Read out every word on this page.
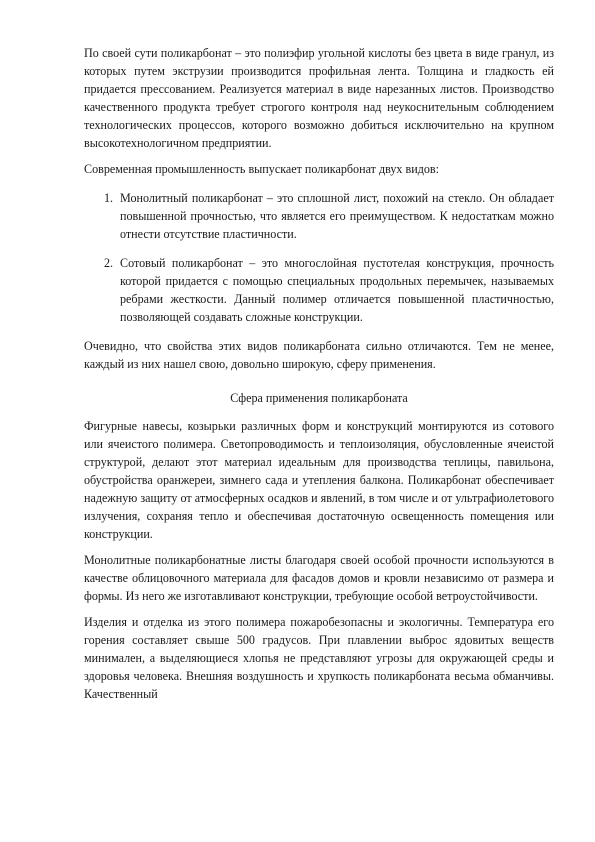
По своей сути поликарбонат – это полиэфир угольной кислоты без цвета в виде гранул, из которых путем экструзии производится профильная лента. Толщина и гладкость ей придается прессованием. Реализуется материал в виде нарезанных листов. Производство качественного продукта требует строгого контроля над неукоснительным соблюдением технологических процессов, которого возможно добиться исключительно на крупном высокотехнологичном предприятии.

Современная промышленность выпускает поликарбонат двух видов:

1. Монолитный поликарбонат – это сплошной лист, похожий на стекло. Он обладает повышенной прочностью, что является его преимуществом. К недостаткам можно отнести отсутствие пластичности.
2. Сотовый поликарбонат – это многослойная пустотелая конструкция, прочность которой придается с помощью специальных продольных перемычек, называемых ребрами жесткости. Данный полимер отличается повышенной пластичностью, позволяющей создавать сложные конструкции.

Очевидно, что свойства этих видов поликарбоната сильно отличаются. Тем не менее, каждый из них нашел свою, довольно широкую, сферу применения.

Сфера применения поликарбоната

Фигурные навесы, козырьки различных форм и конструкций монтируются из сотового или ячеистого полимера. Светопроводимость и теплоизоляция, обусловленные ячеистой структурой, делают этот материал идеальным для производства теплицы, павильона, обустройства оранжереи, зимнего сада и утепления балкона. Поликарбонат обеспечивает надежную защиту от атмосферных осадков и явлений, в том числе и от ультрафиолетового излучения, сохраняя тепло и обеспечивая достаточную освещенность помещения или конструкции.

Монолитные поликарбонатные листы благодаря своей особой прочности используются в качестве облицовочного материала для фасадов домов и кровли независимо от размера и формы. Из него же изготавливают конструкции, требующие особой ветроустойчивости.

Изделия и отделка из этого полимера пожаробезопасны и экологичны. Температура его горения составляет свыше 500 градусов. При плавлении выброс ядовитых веществ минимален, а выделяющиеся хлопья не представляют угрозы для окружающей среды и здоровья человека. Внешняя воздушность и хрупкость поликарбоната весьма обманчивы. Качественный
